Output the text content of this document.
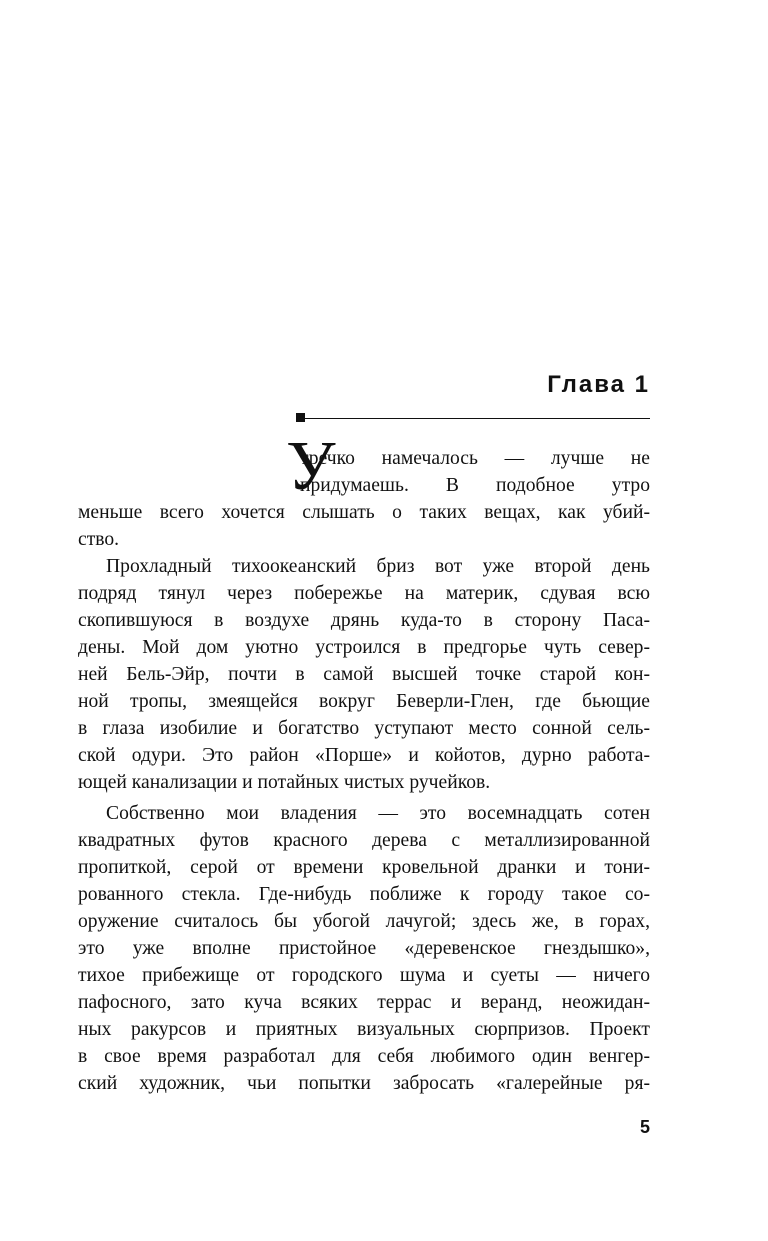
Глава 1
У
тречко намечалось — лучше не
придумаешь. В подобное утро
меньше всего хочется слышать о таких вещах, как убий-
ство.
Прохладный тихоокеанский бриз вот уже второй день
подряд тянул через побережье на материк, сдувая всю
скопившуюся в воздухе дрянь куда-то в сторону Паса-
дены. Мой дом уютно устроился в предгорье чуть север-
ней Бель-Эйр, почти в самой высшей точке старой кон-
ной тропы, змеящейся вокруг Беверли-Глен, где бьющие
в глаза изобилие и богатство уступают место сонной сель-
ской одури. Это район «Порше» и койотов, дурно работа-
ющей канализации и потайных чистых ручейков.
Собственно мои владения — это восемнадцать сотен
квадратных футов красного дерева с металлизированной
пропиткой, серой от времени кровельной дранки и тони-
рованного стекла. Где-нибудь поближе к городу такое со-
оружение считалось бы убогой лачугой; здесь же, в горах,
это уже вполне пристойное «деревенское гнездышко»,
тихое прибежище от городского шума и суеты — ничего
пафосного, зато куча всяких террас и веранд, неожидан-
ных ракурсов и приятных визуальных сюрпризов. Проект
в свое время разработал для себя любимого один венгер-
ский художник, чьи попытки забросать «галерейные ря-
5
